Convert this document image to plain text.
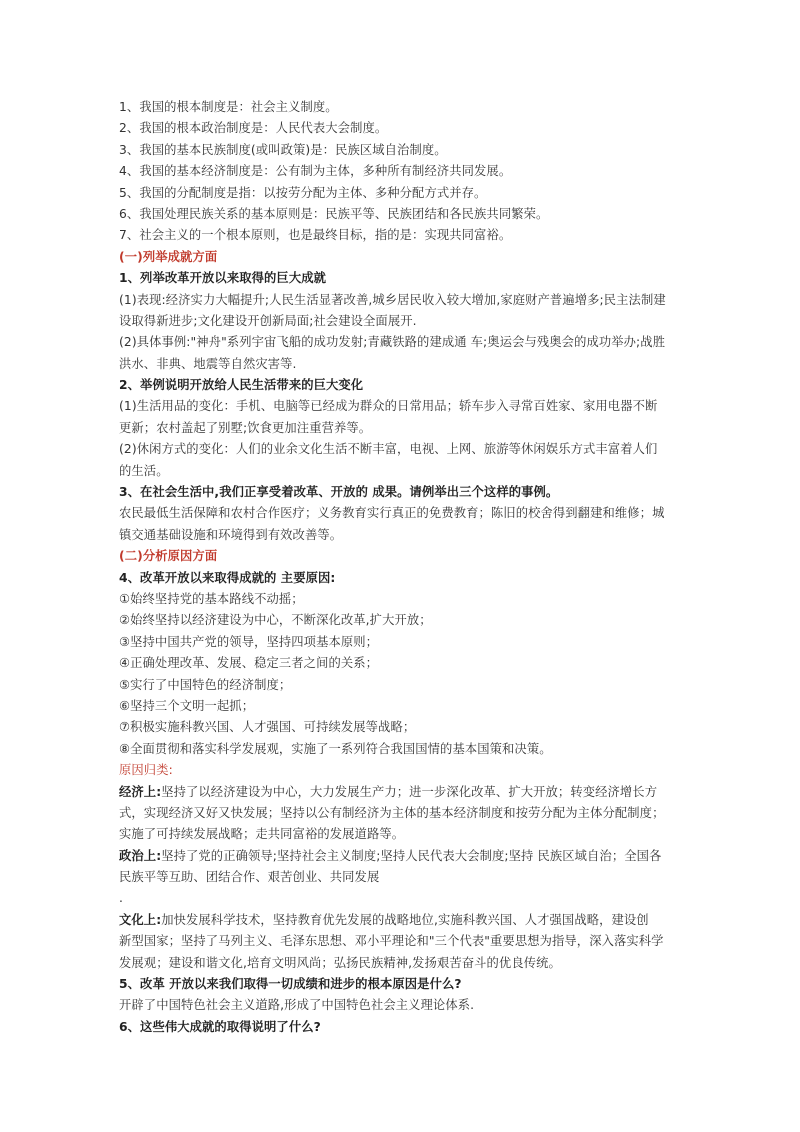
1、我国的根本制度是：社会主义制度。
2、我国的根本政治制度是：人民代表大会制度。
3、我国的基本民族制度(或叫政策)是：民族区域自治制度。
4、我国的基本经济制度是：公有制为主体，多种所有制经济共同发展。
5、我国的分配制度是指：以按劳分配为主体、多种分配方式并存。
6、我国处理民族关系的基本原则是：民族平等、民族团结和各民族共同繁荣。
7、社会主义的一个根本原则，也是最终目标，指的是：实现共同富裕。
(一)列举成就方面
1、列举改革开放以来取得的巨大成就
(1)表现:经济实力大幅提升;人民生活显著改善,城乡居民收入较大增加,家庭财产普遍增多;民主法制建
设取得新进步;文化建设开创新局面;社会建设全面展开.
(2)具体事例:"神舟"系列宇宙飞船的成功发射;青藏铁路的建成通 车;奥运会与残奥会的成功举办;战胜
洪水、非典、地震等自然灾害等.
2、举例说明开放给人民生活带来的巨大变化
(1)生活用品的变化：手机、电脑等已经成为群众的日常用品；轿车步入寻常百姓家、家用电器不断
更新；农村盖起了别墅;饮食更加注重营养等。
(2)休闲方式的变化：人们的业余文化生活不断丰富，电视、上网、旅游等休闲娱乐方式丰富着人们
的生活。
3、在社会生活中,我们正享受着改革、开放的 成果。请例举出三个这样的事例。
农民最低生活保障和农村合作医疗；义务教育实行真正的免费教育；陈旧的校舍得到翻建和维修；城
镇交通基础设施和环境得到有效改善等。
(二)分析原因方面
4、改革开放以来取得成就的 主要原因:
①始终坚持党的基本路线不动摇；
②始终坚持以经济建设为中心，不断深化改革,扩大开放；
③坚持中国共产党的领导，坚持四项基本原则；
④正确处理改革、发展、稳定三者之间的关系；
⑤实行了中国特色的经济制度；
⑥坚持三个文明一起抓；
⑦积极实施科教兴国、人才强国、可持续发展等战略；
⑧全面贯彻和落实科学发展观，实施了一系列符合我国国情的基本国策和决策。
原因归类:
经济上:坚持了以经济建设为中心，大力发展生产力；进一步深化改革、扩大开放；转变经济增长方
式，实现经济又好又快发展；坚持以公有制经济为主体的基本经济制度和按劳分配为主体分配制度；
实施了可持续发展战略；走共同富裕的发展道路等。
政治上:坚持了党的正确领导;坚持社会主义制度;坚持人民代表大会制度;坚持 民族区域自治；全国各
民族平等互助、团结合作、艰苦创业、共同发展
.
文化上:加快发展科学技术，坚持教育优先发展的战略地位,实施科教兴国、人才强国战略，建设创
新型国家；坚持了马列主义、毛泽东思想、邓小平理论和"三个代表"重要思想为指导，深入落实科学
发展观；建设和谐文化,培育文明风尚；弘扬民族精神,发扬艰苦奋斗的优良传统。
5、改革 开放以来我们取得一切成绩和进步的根本原因是什么?
开辟了中国特色社会主义道路,形成了中国特色社会主义理论体系.
6、这些伟大成就的取得说明了什么?
